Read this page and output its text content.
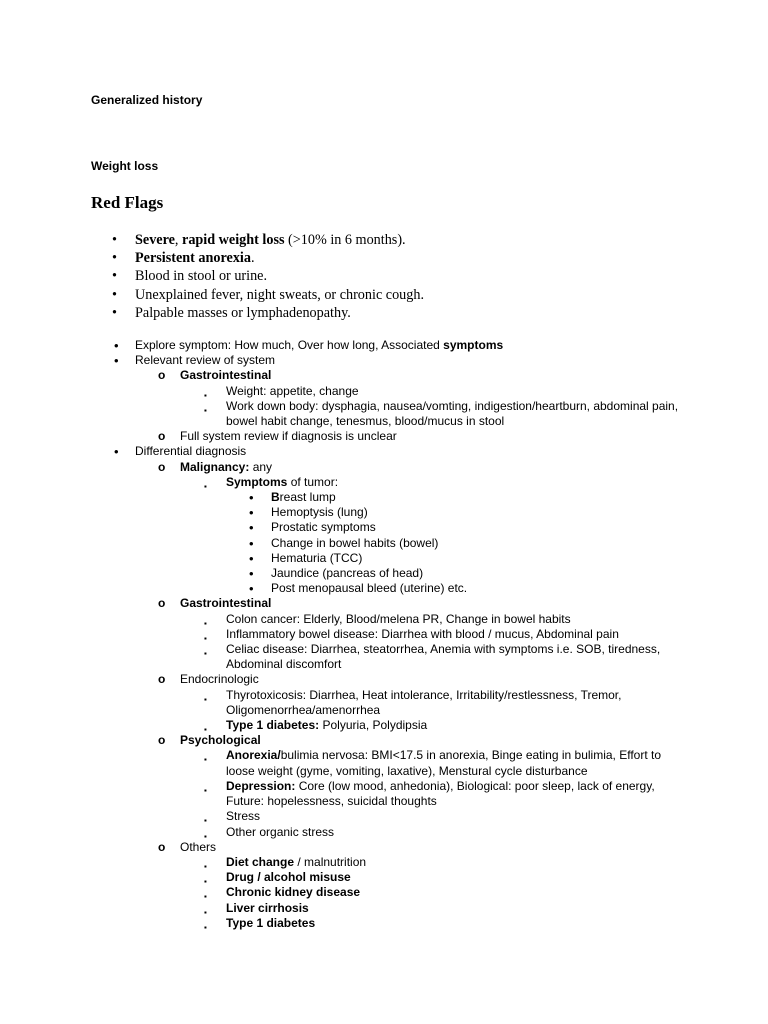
Generalized history
Weight loss
Red Flags
• Severe, rapid weight loss (>10% in 6 months).
• Persistent anorexia.
• Blood in stool or urine.
• Unexplained fever, night sweats, or chronic cough.
• Palpable masses or lymphadenopathy.
• Explore symptom: How much, Over how long, Associated symptoms
• Relevant review of system
o Gastrointestinal
▪ Weight: appetite, change
▪ Work down body: dysphagia, nausea/vomting, indigestion/heartburn, abdominal pain, bowel habit change, tenesmus, blood/mucus in stool
o Full system review if diagnosis is unclear
• Differential diagnosis
o Malignancy: any
▪ Symptoms of tumor:
• Breast lump
• Hemoptysis (lung)
• Prostatic symptoms
• Change in bowel habits (bowel)
• Hematuria (TCC)
• Jaundice (pancreas of head)
• Post menopausal bleed (uterine) etc.
o Gastrointestinal
▪ Colon cancer: Elderly, Blood/melena PR, Change in bowel habits
▪ Inflammatory bowel disease: Diarrhea with blood / mucus, Abdominal pain
▪ Celiac disease: Diarrhea, steatorrhea, Anemia with symptoms i.e. SOB, tiredness, Abdominal discomfort
o Endocrinologic
▪ Thyrotoxicosis: Diarrhea, Heat intolerance, Irritability/restlessness, Tremor, Oligomenorrhea/amenorrhea
▪ Type 1 diabetes: Polyuria, Polydipsia
o Psychological
▪ Anorexia/bulimia nervosa: BMI<17.5 in anorexia, Binge eating in bulimia, Effort to loose weight (gyme, vomiting, laxative), Menstural cycle disturbance
▪ Depression: Core (low mood, anhedonia), Biological: poor sleep, lack of energy, Future: hopelessness, suicidal thoughts
▪ Stress
▪ Other organic stress
o Others
▪ Diet change / malnutrition
▪ Drug / alcohol misuse
▪ Chronic kidney disease
▪ Liver cirrhosis
▪ Type 1 diabetes
